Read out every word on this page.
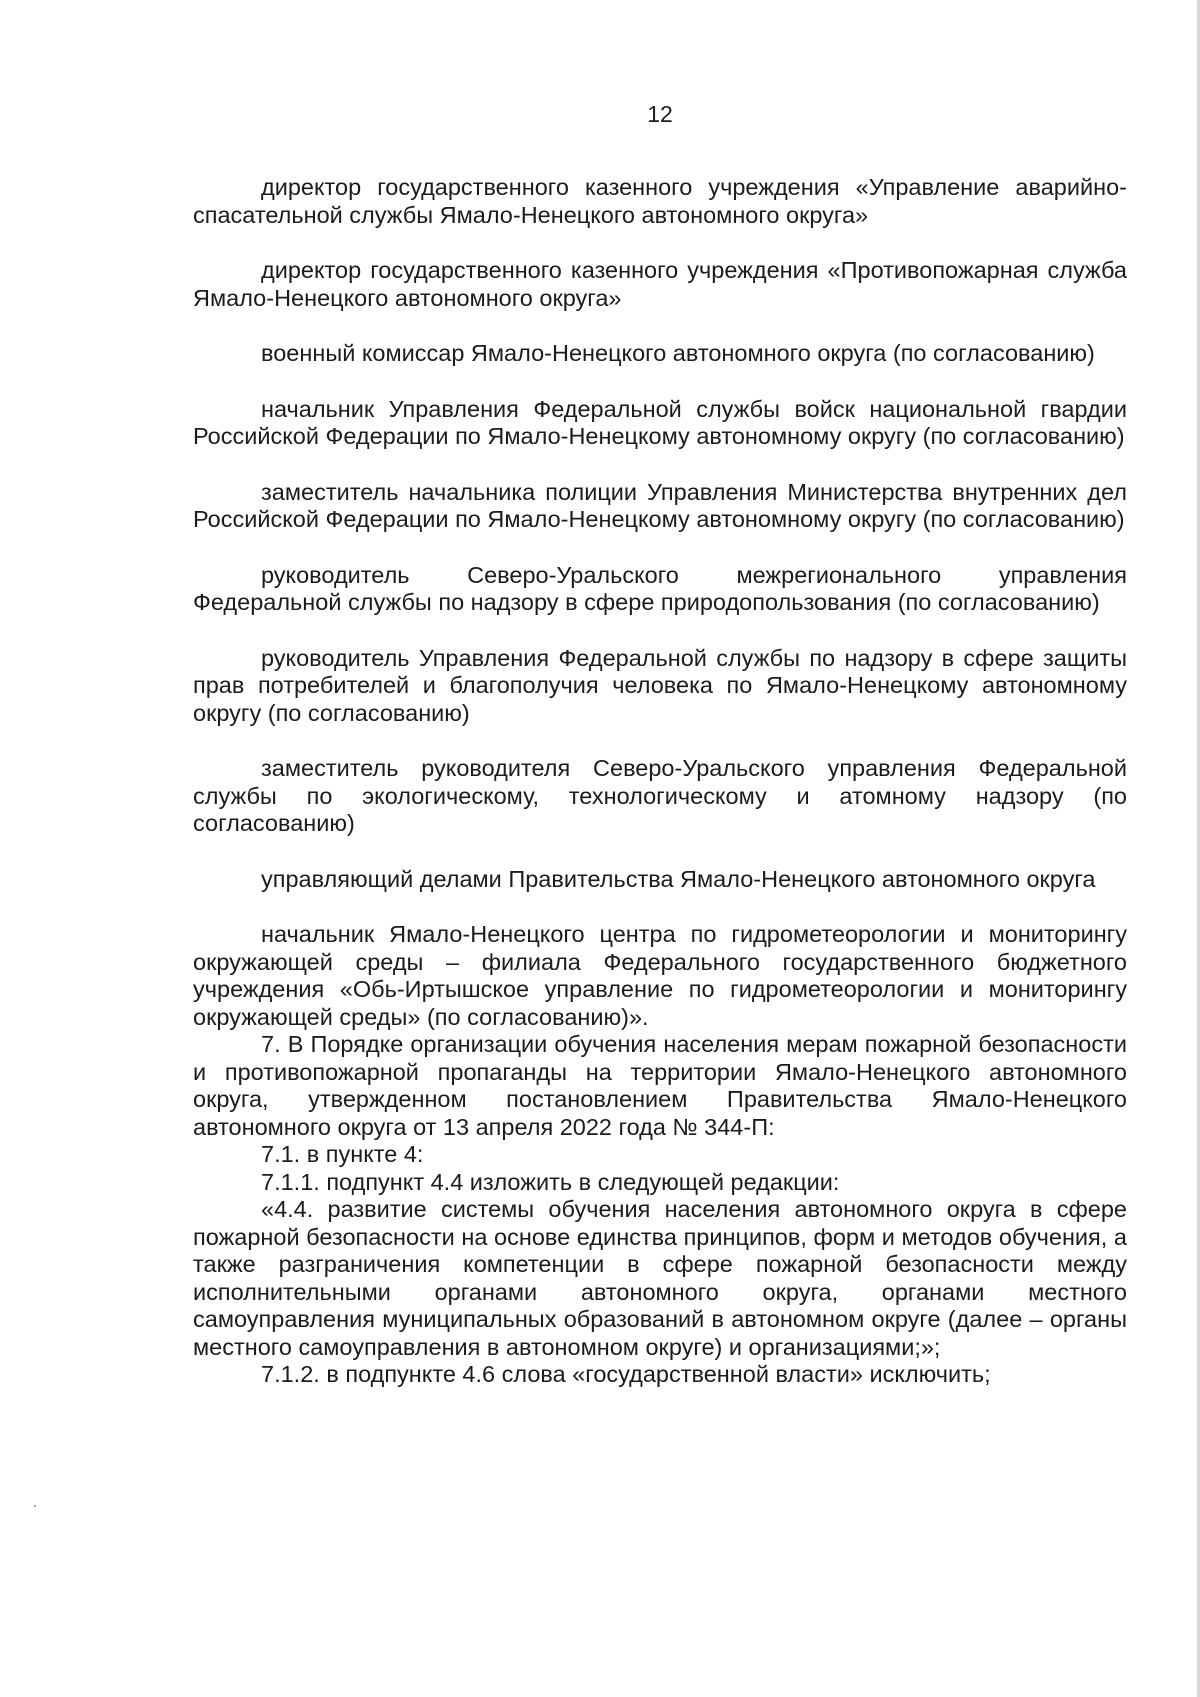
12

директор государственного казенного учреждения «Управление аварийно-спасательной службы Ямало-Ненецкого автономного округа»

директор государственного казенного учреждения «Противопожарная служба Ямало-Ненецкого автономного округа»

военный комиссар Ямало-Ненецкого автономного округа (по согласованию)

начальник Управления Федеральной службы войск национальной гвардии Российской Федерации по Ямало-Ненецкому автономному округу (по согласованию)

заместитель начальника полиции Управления Министерства внутренних дел Российской Федерации по Ямало-Ненецкому автономному округу (по согласованию)

руководитель Северо-Уральского межрегионального управления Федеральной службы по надзору в сфере природопользования (по согласованию)

руководитель Управления Федеральной службы по надзору в сфере защиты прав потребителей и благополучия человека по Ямало-Ненецкому автономному округу (по согласованию)

заместитель руководителя Северо-Уральского управления Федеральной службы по экологическому, технологическому и атомному надзору (по согласованию)

управляющий делами Правительства Ямало-Ненецкого автономного округа

начальник Ямало-Ненецкого центра по гидрометеорологии и мониторингу окружающей среды – филиала Федерального государственного бюджетного учреждения «Обь-Иртышское управление по гидрометеорологии и мониторингу окружающей среды» (по согласованию)».

7. В Порядке организации обучения населения мерам пожарной безопасности и противопожарной пропаганды на территории Ямало-Ненецкого автономного округа, утвержденном постановлением Правительства Ямало-Ненецкого автономного округа от 13 апреля 2022 года № 344-П:

7.1. в пункте 4:

7.1.1. подпункт 4.4 изложить в следующей редакции:

«4.4. развитие системы обучения населения автономного округа в сфере пожарной безопасности на основе единства принципов, форм и методов обучения, а также разграничения компетенции в сфере пожарной безопасности между исполнительными органами автономного округа, органами местного самоуправления муниципальных образований в автономном округе (далее – органы местного самоуправления в автономном округе) и организациями;»;

7.1.2. в подпункте 4.6 слова «государственной власти» исключить;
